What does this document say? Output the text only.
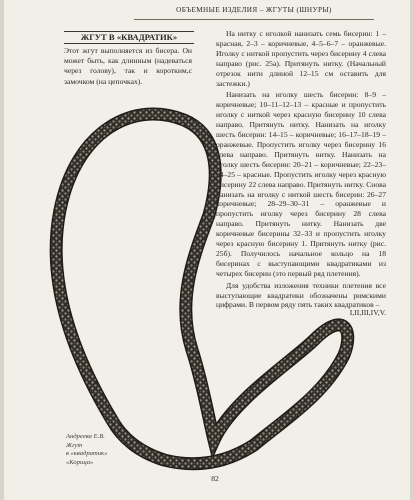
ОБЪЕМНЫЕ ИЗДЕЛИЯ – ЖГУТЫ (ШНУРЫ)
ЖГУТ В «КВАДРАТИК»
Этот жгут выполняется из бисера. Он может быть, как длинным (надеваться через голову), так и коротким,с замочком (на цепочках).

На нитку с иголкой нанизать семь бисерин: 1 – красная, 2–3 – коричневые, 4–5–6–7 – оранжевые. Иголку с ниткой пропустить через бисерину 4 слева направо (рис. 25а). Притянуть нитку. (Начальный отрезок нити длиной 12–15 см оставить для застежки.)

Нанизать на иголку шесть бисерин: 8–9 – коричневые; 10–11–12–13 – красные и пропустить иголку с ниткой через красную бисерину 10 слева направо. Притянуть нитку. Нанизать на иголку шесть бисерин: 14–15 – коричневые; 16–17–18–19 – оранжевые. Пропустить иголку через бисерину 16 слева направо. Притянуть нитку. Нанизать на иголку шесть бисерин: 20–21 – коричневые; 22–23–24–25 – красные. Пропустить иголку через красную бисерину 22 слева направо. Притянуть нитку. Снова нанизать на иголку с ниткой шесть бисерин: 26–27 коричневые; 28–29–30–31 – оранжевые и пропустить иголку через бисерину 28 слева направо. Притянуть нитку. Нанизать две коричневые бисерины 32–33 и пропустить иголку через красную бисерину 1. Притянуть нитку (рис. 25б). Получилось начальное кольцо на 18 бисеринах с выступающими квадратиками из четырех бисерин (это первый ряд плетения).

Для удобства изложения техники плетения все выступающие квадратики обозначены римскими цифрами. В первом ряду пять таких квадратиков –

I,II,III,IV,V.
Андреева Е.В.
Жгут
в «квадратик»
«Корица»
82
